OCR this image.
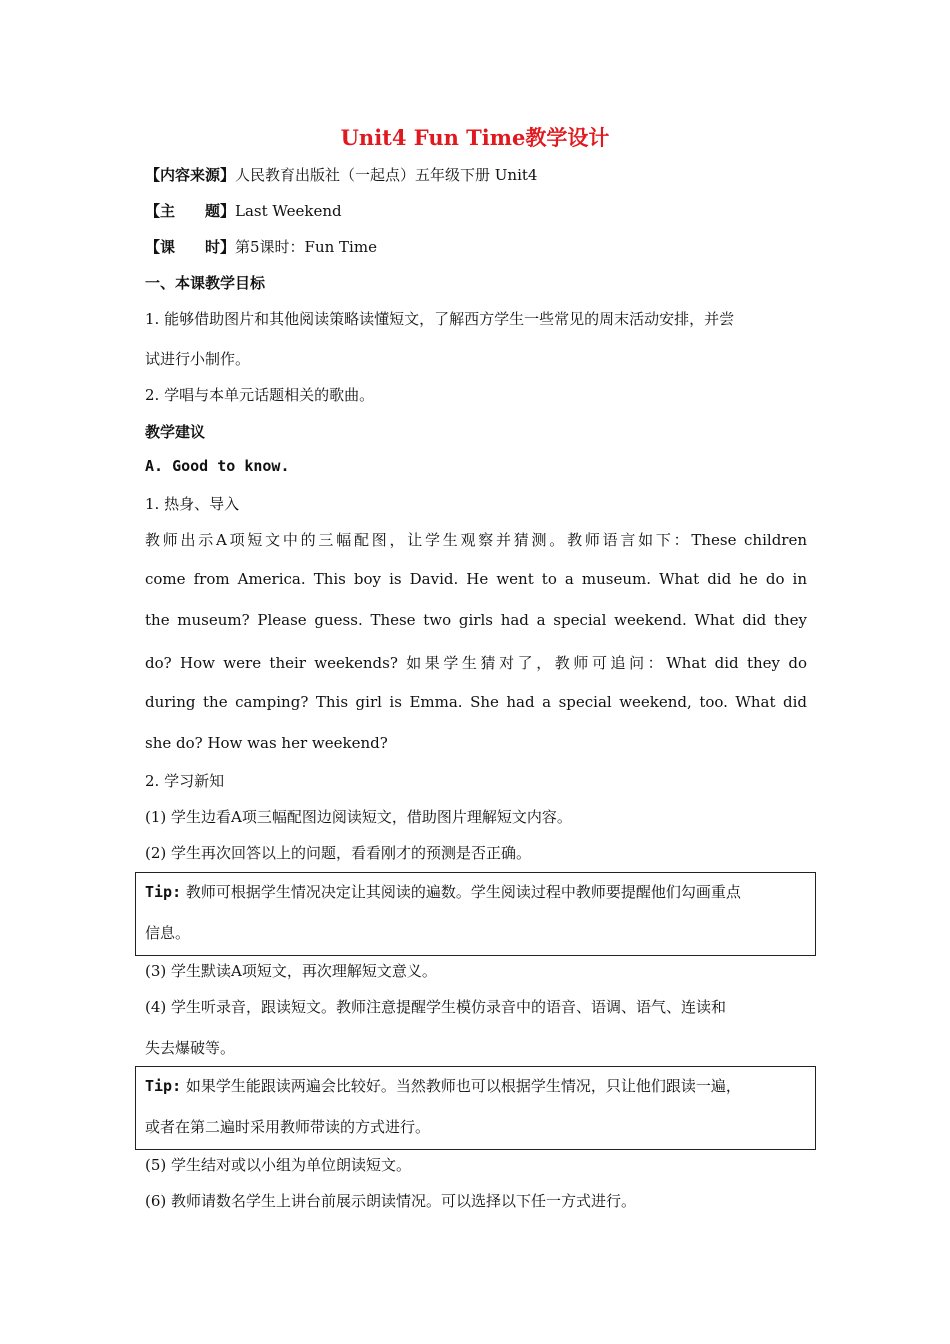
Unit4 Fun Time教学设计
【内容来源】人民教育出版社（一起点）五年级下册 Unit4
【主　　题】Last Weekend
【课　　时】第5课时：Fun Time
一、本课教学目标
1. 能够借助图片和其他阅读策略读懂短文，了解西方学生一些常见的周末活动安排，并尝
试进行小制作。
2. 学唱与本单元话题相关的歌曲。
教学建议
A. Good to know.
1. 热身、导入
教师出示A项短文中的三幅配图，让学生观察并猜测。教师语言如下：These children
come from America. This boy is David. He went to a museum. What did he do in
the museum? Please guess. These two girls had a special weekend. What did they
do? How were their weekends? 如果学生猜对了，教师可追问：What did they do
during the camping? This girl is Emma. She had a special weekend, too. What did
she do? How was her weekend?
2. 学习新知
(1) 学生边看A项三幅配图边阅读短文，借助图片理解短文内容。
(2) 学生再次回答以上的问题，看看刚才的预测是否正确。
Tip: 教师可根据学生情况决定让其阅读的遍数。学生阅读过程中教师要提醒他们勾画重点
信息。
(3) 学生默读A项短文，再次理解短文意义。
(4) 学生听录音，跟读短文。教师注意提醒学生模仿录音中的语音、语调、语气、连读和
失去爆破等。
Tip: 如果学生能跟读两遍会比较好。当然教师也可以根据学生情况，只让他们跟读一遍，
或者在第二遍时采用教师带读的方式进行。
(5) 学生结对或以小组为单位朗读短文。
(6) 教师请数名学生上讲台前展示朗读情况。可以选择以下任一方式进行。
